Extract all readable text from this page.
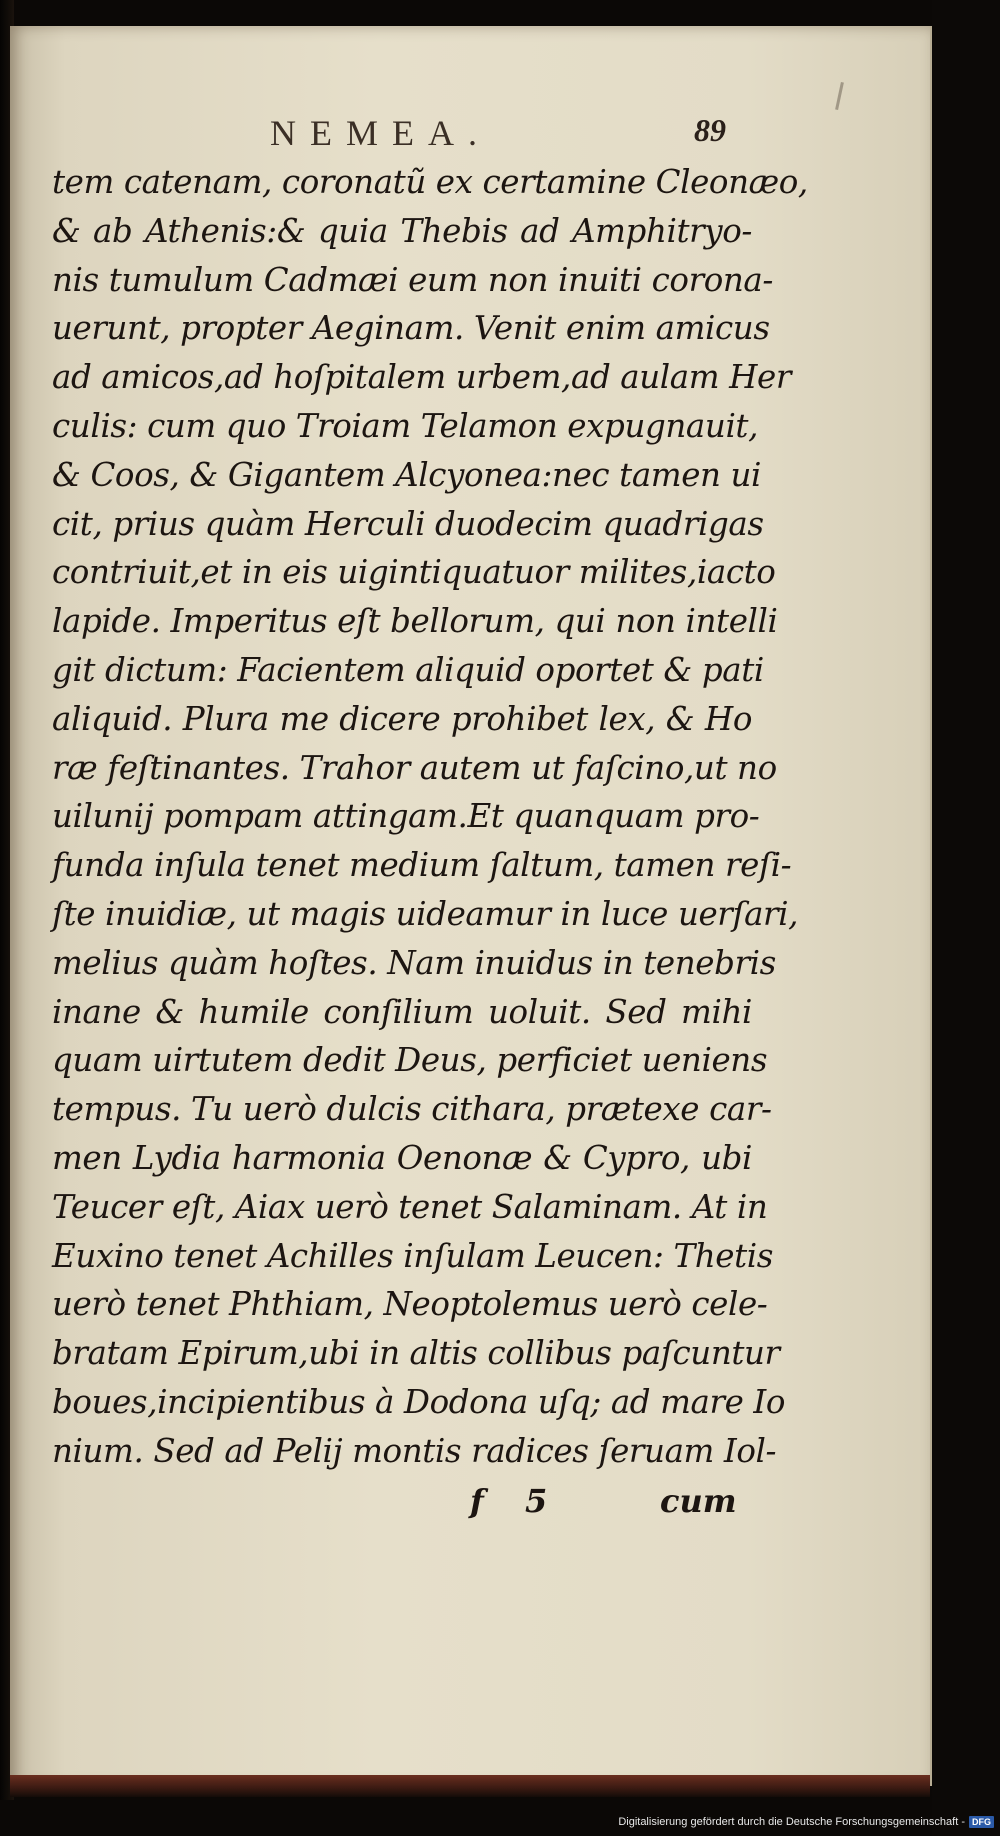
NEMEA.	89
tem catenam, coronatũ ex certamine Cleonæo,
& ab Athenis:& quia Thebis ad Amphitryo-
nis tumulum Cadmæi eum non inuiti corona-
uerunt, propter Aeginam. Venit enim amicus
ad amicos,ad hoſpitalem urbem,ad aulam Her
culis: cum quo Troiam Telamon expugnauit,
& Coos, & Gigantem Alcyonea:nec tamen ui
cit, prius quàm Herculi duodecim quadrigas
contriuit,et in eis uigintiquatuor milites,iacto
lapide. Imperitus eſt bellorum, qui non intelli
git dictum: Facientem aliquid oportet & pati
aliquid. Plura me dicere prohibet lex, & Ho
ræ feſtinantes. Trahor autem ut faſcino,ut no
uilunij pompam attingam.Et quanquam pro-
funda inſula tenet medium ſaltum, tamen reſi-
ſte inuidiæ, ut magis uideamur in luce uerſari,
melius quàm hoſtes. Nam inuidus in tenebris
inane & humile conſilium uoluit. Sed mihi
quam uirtutem dedit Deus, perficiet ueniens
tempus. Tu uerò dulcis cithara, prætexe car-
men Lydia harmonia Oenonæ & Cypro, ubi
Teucer eſt, Aiax uerò tenet Salaminam. At in
Euxino tenet Achilles inſulam Leucen: Thetis
uerò tenet Phthiam, Neoptolemus uerò cele-
bratam Epirum,ubi in altis collibus paſcuntur
boues,incipientibus à Dodona uſq; ad mare Io
nium. Sed ad Pelij montis radices ſeruam Iol-
f 5	cum
Digitalisierung gefördert durch die Deutsche Forschungsgemeinschaft - DFG
